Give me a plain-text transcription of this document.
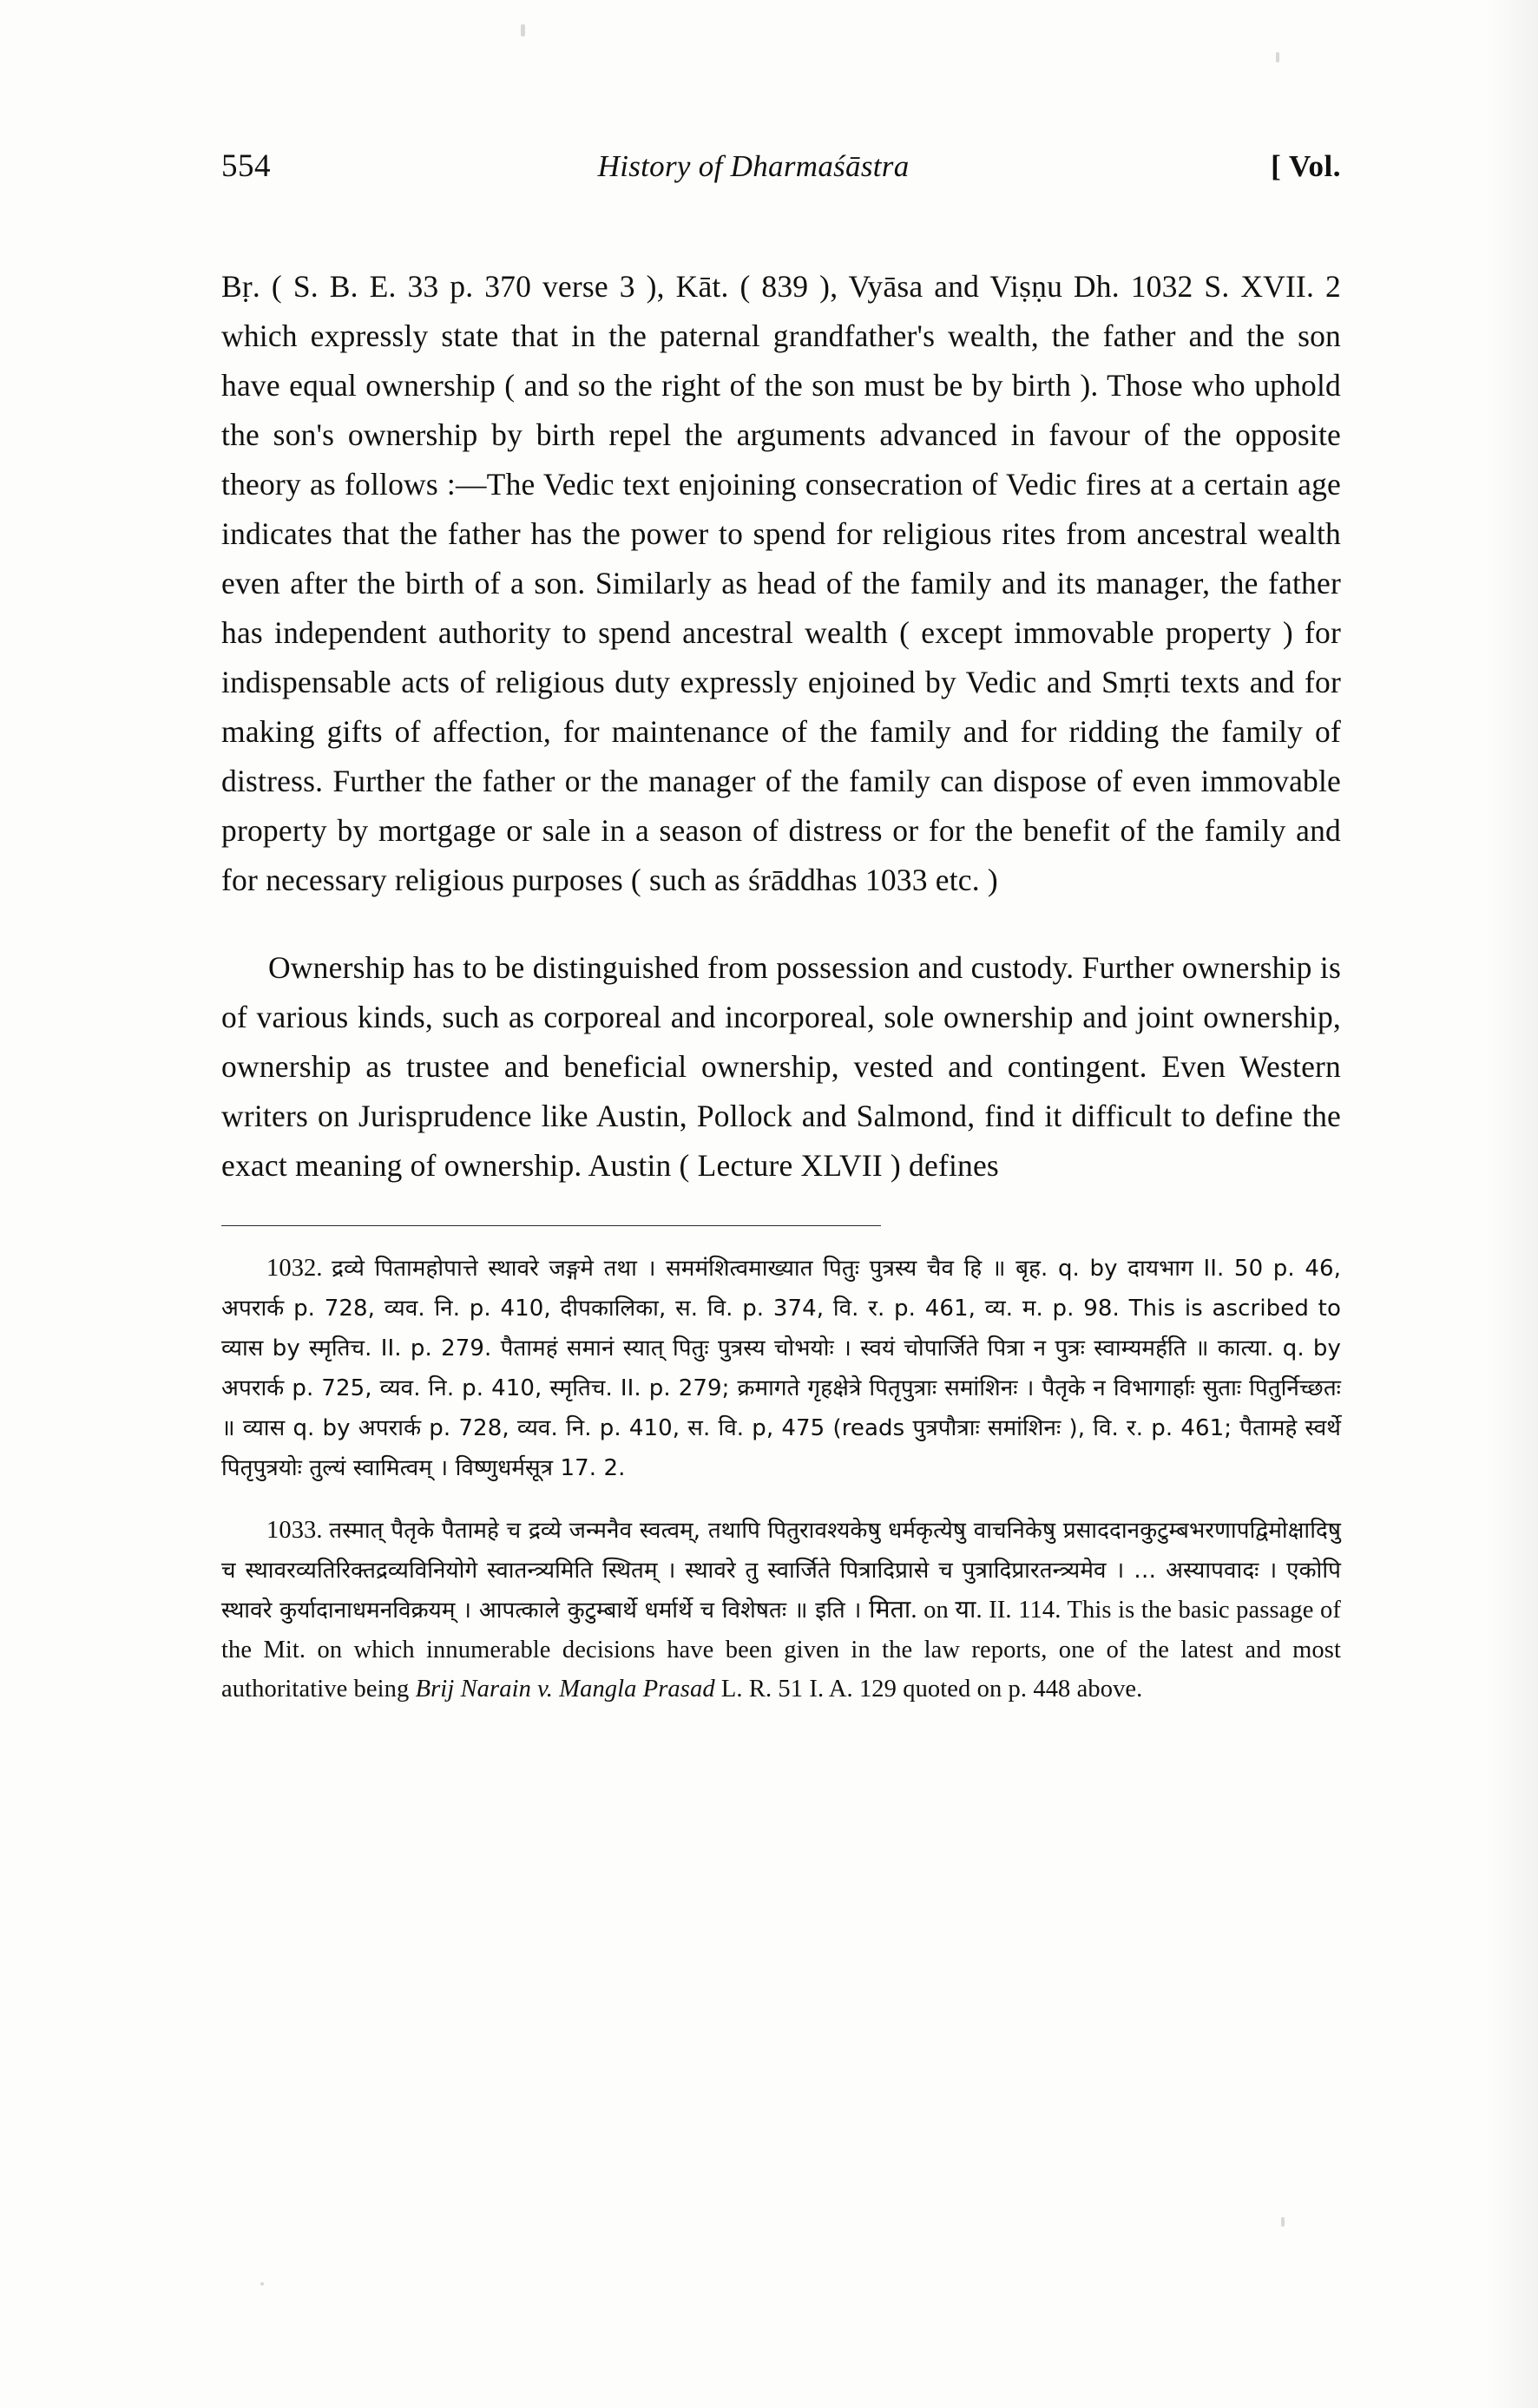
554	History of Dharmaśāstra	[ Vol.

Bṛ. ( S. B. E. 33 p. 370 verse 3 ), Kāt. ( 839 ), Vyāsa and Viṣṇu Dh. 1032 S. XVII. 2 which expressly state that in the paternal grandfather's wealth, the father and the son have equal ownership ( and so the right of the son must be by birth ). Those who uphold the son's ownership by birth repel the arguments advanced in favour of the opposite theory as follows :—The Vedic text enjoining consecration of Vedic fires at a certain age indicates that the father has the power to spend for religious rites from ancestral wealth even after the birth of a son. Similarly as head of the family and its manager, the father has independent authority to spend ancestral wealth ( except immovable property ) for indispensable acts of religious duty expressly enjoined by Vedic and Smṛti texts and for making gifts of affection, for maintenance of the family and for ridding the family of distress. Further the father or the manager of the family can dispose of even immovable property by mortgage or sale in a season of distress or for the benefit of the family and for necessary religious purposes ( such as śrāddhas 1033 etc. )

Ownership has to be distinguished from possession and custody. Further ownership is of various kinds, such as corporeal and incorporeal, sole ownership and joint ownership, ownership as trustee and beneficial ownership, vested and contingent. Even Western writers on Jurisprudence like Austin, Pollock and Salmond, find it difficult to define the exact meaning of ownership. Austin ( Lecture XLVII ) defines

1032. द्रव्ये पितामहोपात्ते स्थावरे जङ्गमे तथा । सममंशित्वमाख्यात पितुः पुत्रस्य चैव हि ॥ बृह. q. by दायभाग II. 50 p. 46, अपरार्क p. 728, व्यव. नि. p. 410, दीपकालिका, स. वि. p. 374, वि. र. p. 461, व्य. म. p. 98. This is ascribed to व्यास by स्मृतिच. II. p. 279. पैतामहं समानं स्यात् पितुः पुत्रस्य चोभयोः । स्वयं चोपार्जिते पित्रा न पुत्रः स्वाम्यमर्हति ॥ कात्या. q. by अपरार्क p. 725, व्यव. नि. p. 410, स्मृतिच. II. p. 279; क्रमागते गृहक्षेत्रे पितृपुत्राः समांशिनः । पैतृके न विभागार्हाः सुताः पितुर्निच्छतः ॥ व्यास q. by अपरार्क p. 728, व्यव. नि. p. 410, स. वि. p, 475 (reads पुत्रपौत्राः समांशिनः ), वि. र. p. 461; पैतामहे स्वर्थे पितृपुत्रयोः तुल्यं स्वामित्वम् । विष्णुधर्मसूत्र 17. 2.

1033. तस्मात् पैतृके पैतामहे च द्रव्ये जन्मनैव स्वत्वम्, तथापि पितुरावश्यकेषु धर्मकृत्येषु वाचनिकेषु प्रसाददानकुटुम्बभरणापद्विमोक्षादिषु च स्थावरव्यतिरिक्तद्रव्यविनियोगे स्वातन्त्र्यमिति स्थितम् । स्थावरे तु स्वार्जिते पित्रादिप्रासे च पुत्रादिप्रारतन्त्र्यमेव । … अस्यापवादः । एकोपि स्थावरे कुर्यादानाधमनविक्रयम् । आपत्काले कुटुम्बार्थे धर्मार्थे च विशेषतः ॥ इति । मिता. on या. II. 114. This is the basic passage of the Mit. on which innumerable decisions have been given in the law reports, one of the latest and most authoritative being Brij Narain v. Mangla Prasad L. R. 51 I. A. 129 quoted on p. 448 above.
